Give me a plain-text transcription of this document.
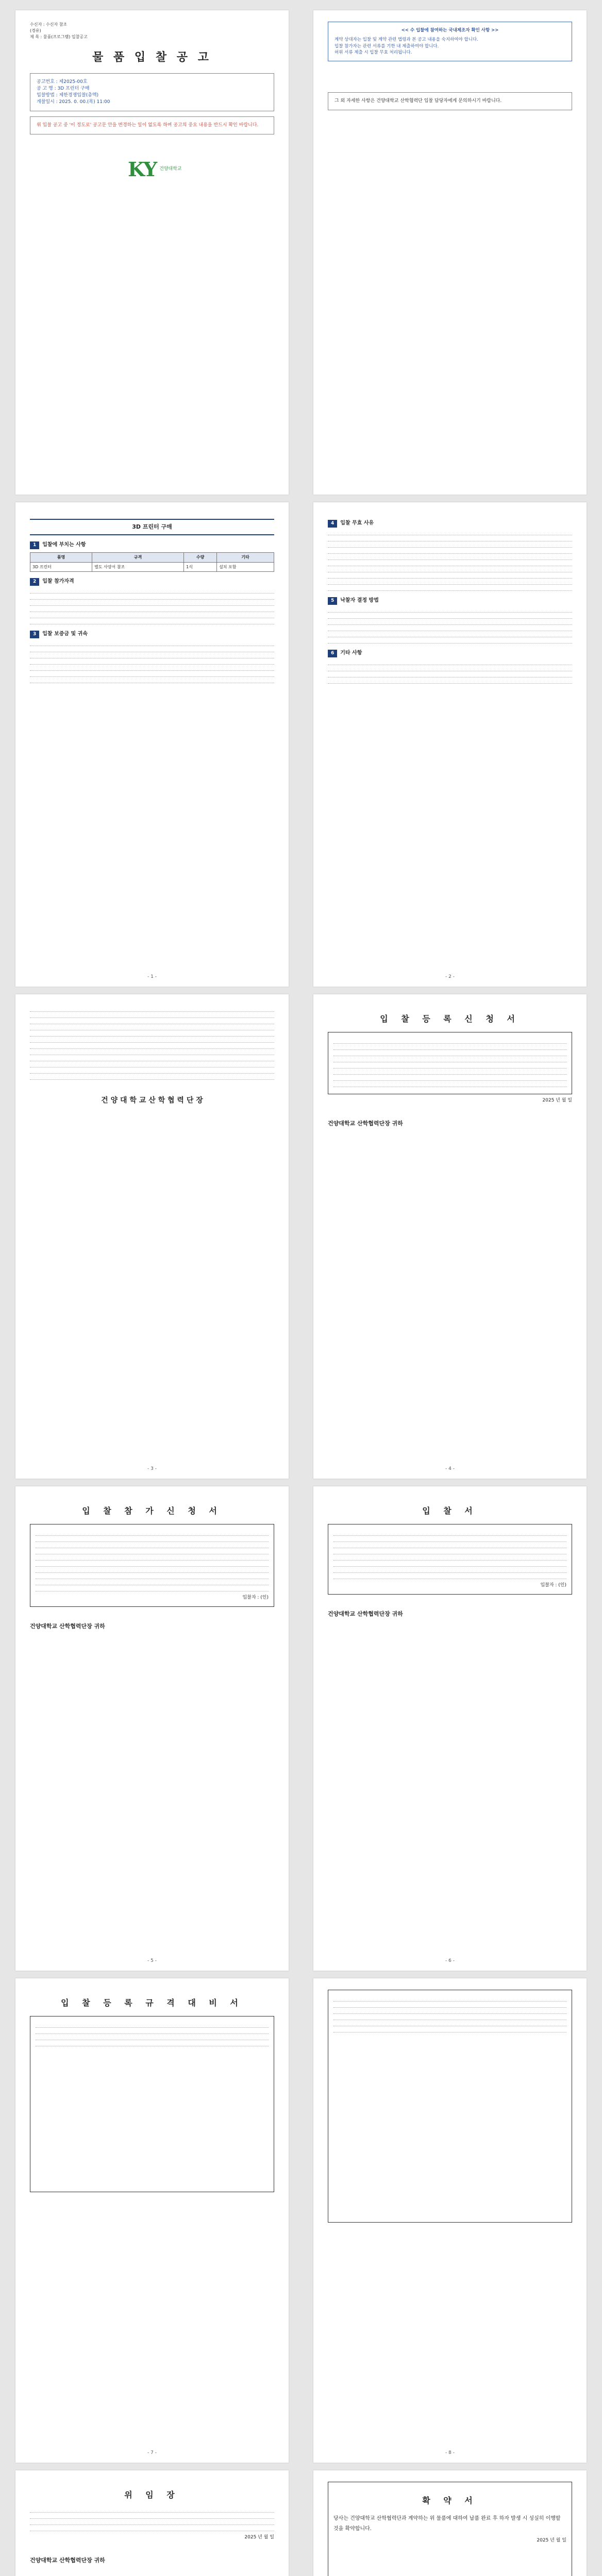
수신자 : 수신자 참조
(경유)
제 목 : 물품(프로그램) 입찰공고
물 품 입 찰 공 고
공고번호 : 제2025-00호
공 고 명 : 3D 프린터 구매
입찰방법 : 제한경쟁입찰(총액)
개찰일시 : 2025. 0. 00.(목) 11:00
위 입찰 공고 중 '이 정도로' 공고문 안을 변경하는 일이 없도록 하며 공고의 중요 내용을 반드시 확인 바랍니다.
KY 건양대학교
<< 수 입찰에 참여하는 국내제조자 확인 사항 >>
계약 상대자는 입찰 및 계약 관련 법령과 본 공고 내용을 숙지하여야 합니다.
입찰 참가자는 관련 서류를 기한 내 제출하여야 합니다.
허위 서류 제출 시 입찰 무효 처리됩니다.
그 외 자세한 사항은 건양대학교 산학협력단 입찰 담당자에게 문의하시기 바랍니다.
3D 프린터 구매
1	입찰에 부치는 사항
품명	규격	수량	기타
3D 프린터	별도 사양서 참조	1식	설치 포함
2	입찰 참가자격
3	입찰 보증금 및 귀속
- 1 -
4	입찰 무효 사유
5	낙찰자 결정 방법
6	기타 사항
- 2 -
건 양 대 학 교 산 학 협 력 단 장
- 3 -
입 찰 등 록 신 청 서
2025 년 월 일
건양대학교 산학협력단장 귀하
- 4 -
입 찰 참 가 신 청 서
입찰자 : (인)
건양대학교 산학협력단장 귀하
- 5 -
입 찰 서
입찰자 : (인)
건양대학교 산학협력단장 귀하
- 6 -
입 찰 등 록 규 격 대 비 서
- 7 -	- 8 -
위 임 장
2025 년 월 일
건양대학교 산학협력단장 귀하
확 약 서
당사는 건양대학교 산학협력단과 계약하는 위 물품에 대하여 납품 완료 후 하자 발생 시 성실히 이행할 것을 확약합니다.
2025 년 월 일
